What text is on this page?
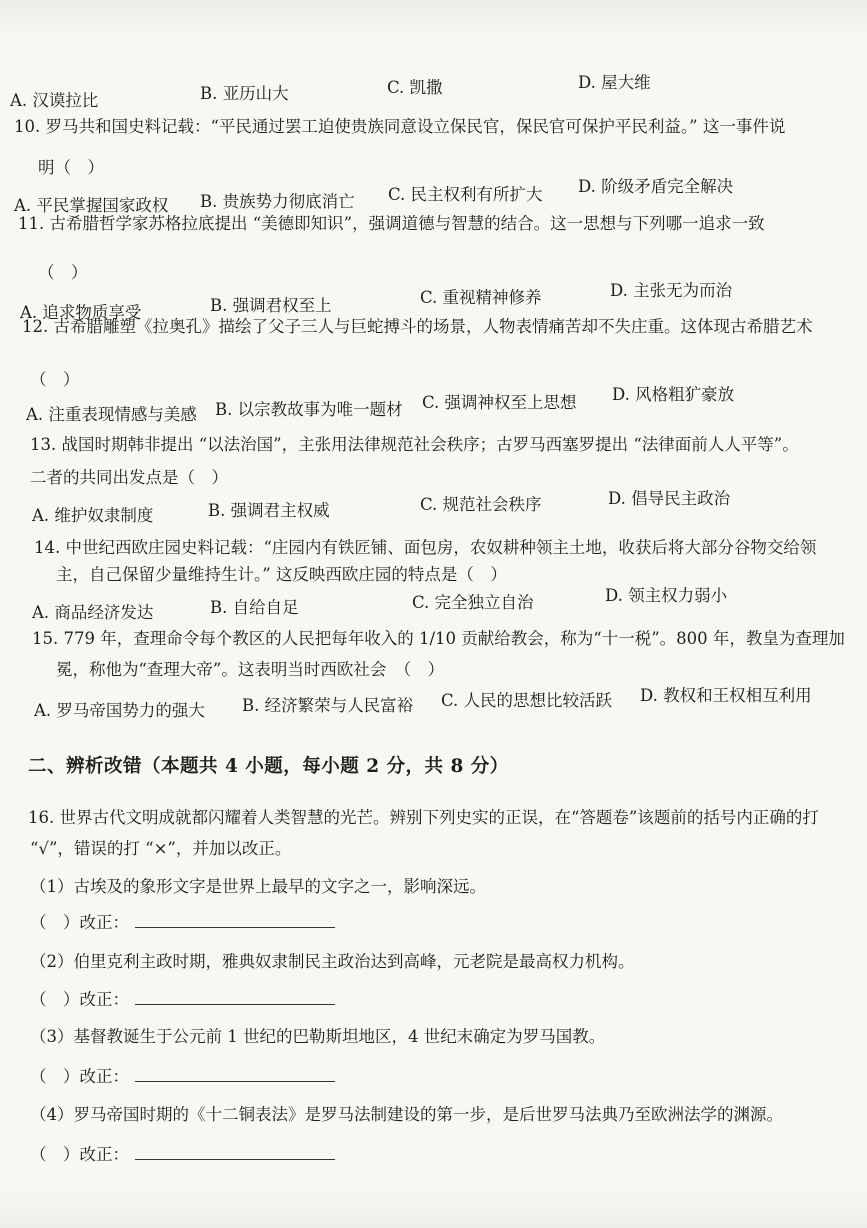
A. 汉谟拉比	B. 亚历山大	C. 凯撒	D. 屋大维
10. 罗马共和国史料记载：“平民通过罢工迫使贵族同意设立保民官，保民官可保护平民利益。” 这一事件说
明（　）
A. 平民掌握国家政权 B. 贵族势力彻底消亡 C. 民主权利有所扩大 D. 阶级矛盾完全解决
11. 古希腊哲学家苏格拉底提出 “美德即知识”，强调道德与智慧的结合。这一思想与下列哪一追求一致
（　）
A. 追求物质享受	B. 强调君权至上	C. 重视精神修养	D. 主张无为而治
12. 古希腊雕塑《拉奥孔》描绘了父子三人与巨蛇搏斗的场景，人物表情痛苦却不失庄重。这体现古希腊艺术
（　）
A. 注重表现情感与美感 B. 以宗教故事为唯一题材 C. 强调神权至上思想 D. 风格粗犷豪放
13. 战国时期韩非提出 “以法治国”，主张用法律规范社会秩序；古罗马西塞罗提出 “法律面前人人平等”。
二者的共同出发点是（　）
A. 维护奴隶制度	B. 强调君主权威	C. 规范社会秩序	D. 倡导民主政治
14. 中世纪西欧庄园史料记载：“庄园内有铁匠铺、面包房，农奴耕种领主土地，收获后将大部分谷物交给领
主，自己保留少量维持生计。” 这反映西欧庄园的特点是（　）
A. 商品经济发达	B. 自给自足	C. 完全独立自治	D. 领主权力弱小
15. 779 年，查理命令每个教区的人民把每年收入的 1/10 贡献给教会，称为“十一税”。800 年，教皇为查理加
冕，称他为“查理大帝”。这表明当时西欧社会　（　）
A. 罗马帝国势力的强大 B. 经济繁荣与人民富裕 C. 人民的思想比较活跃 D. 教权和王权相互利用
二、辨析改错（本题共 4 小题，每小题 2 分，共 8 分）
16. 世界古代文明成就都闪耀着人类智慧的光芒。辨别下列史实的正误，在“答题卷”该题前的括号内正确的打
“√”，错误的打 “×”，并加以改正。
（1）古埃及的象形文字是世界上最早的文字之一，影响深远。
（　）改正：
（2）伯里克利主政时期，雅典奴隶制民主政治达到高峰，元老院是最高权力机构。
（　）改正：
（3）基督教诞生于公元前 1 世纪的巴勒斯坦地区，4 世纪末确定为罗马国教。
（　）改正：
（4）罗马帝国时期的《十二铜表法》是罗马法制建设的第一步，是后世罗马法典乃至欧洲法学的渊源。
（　）改正：
